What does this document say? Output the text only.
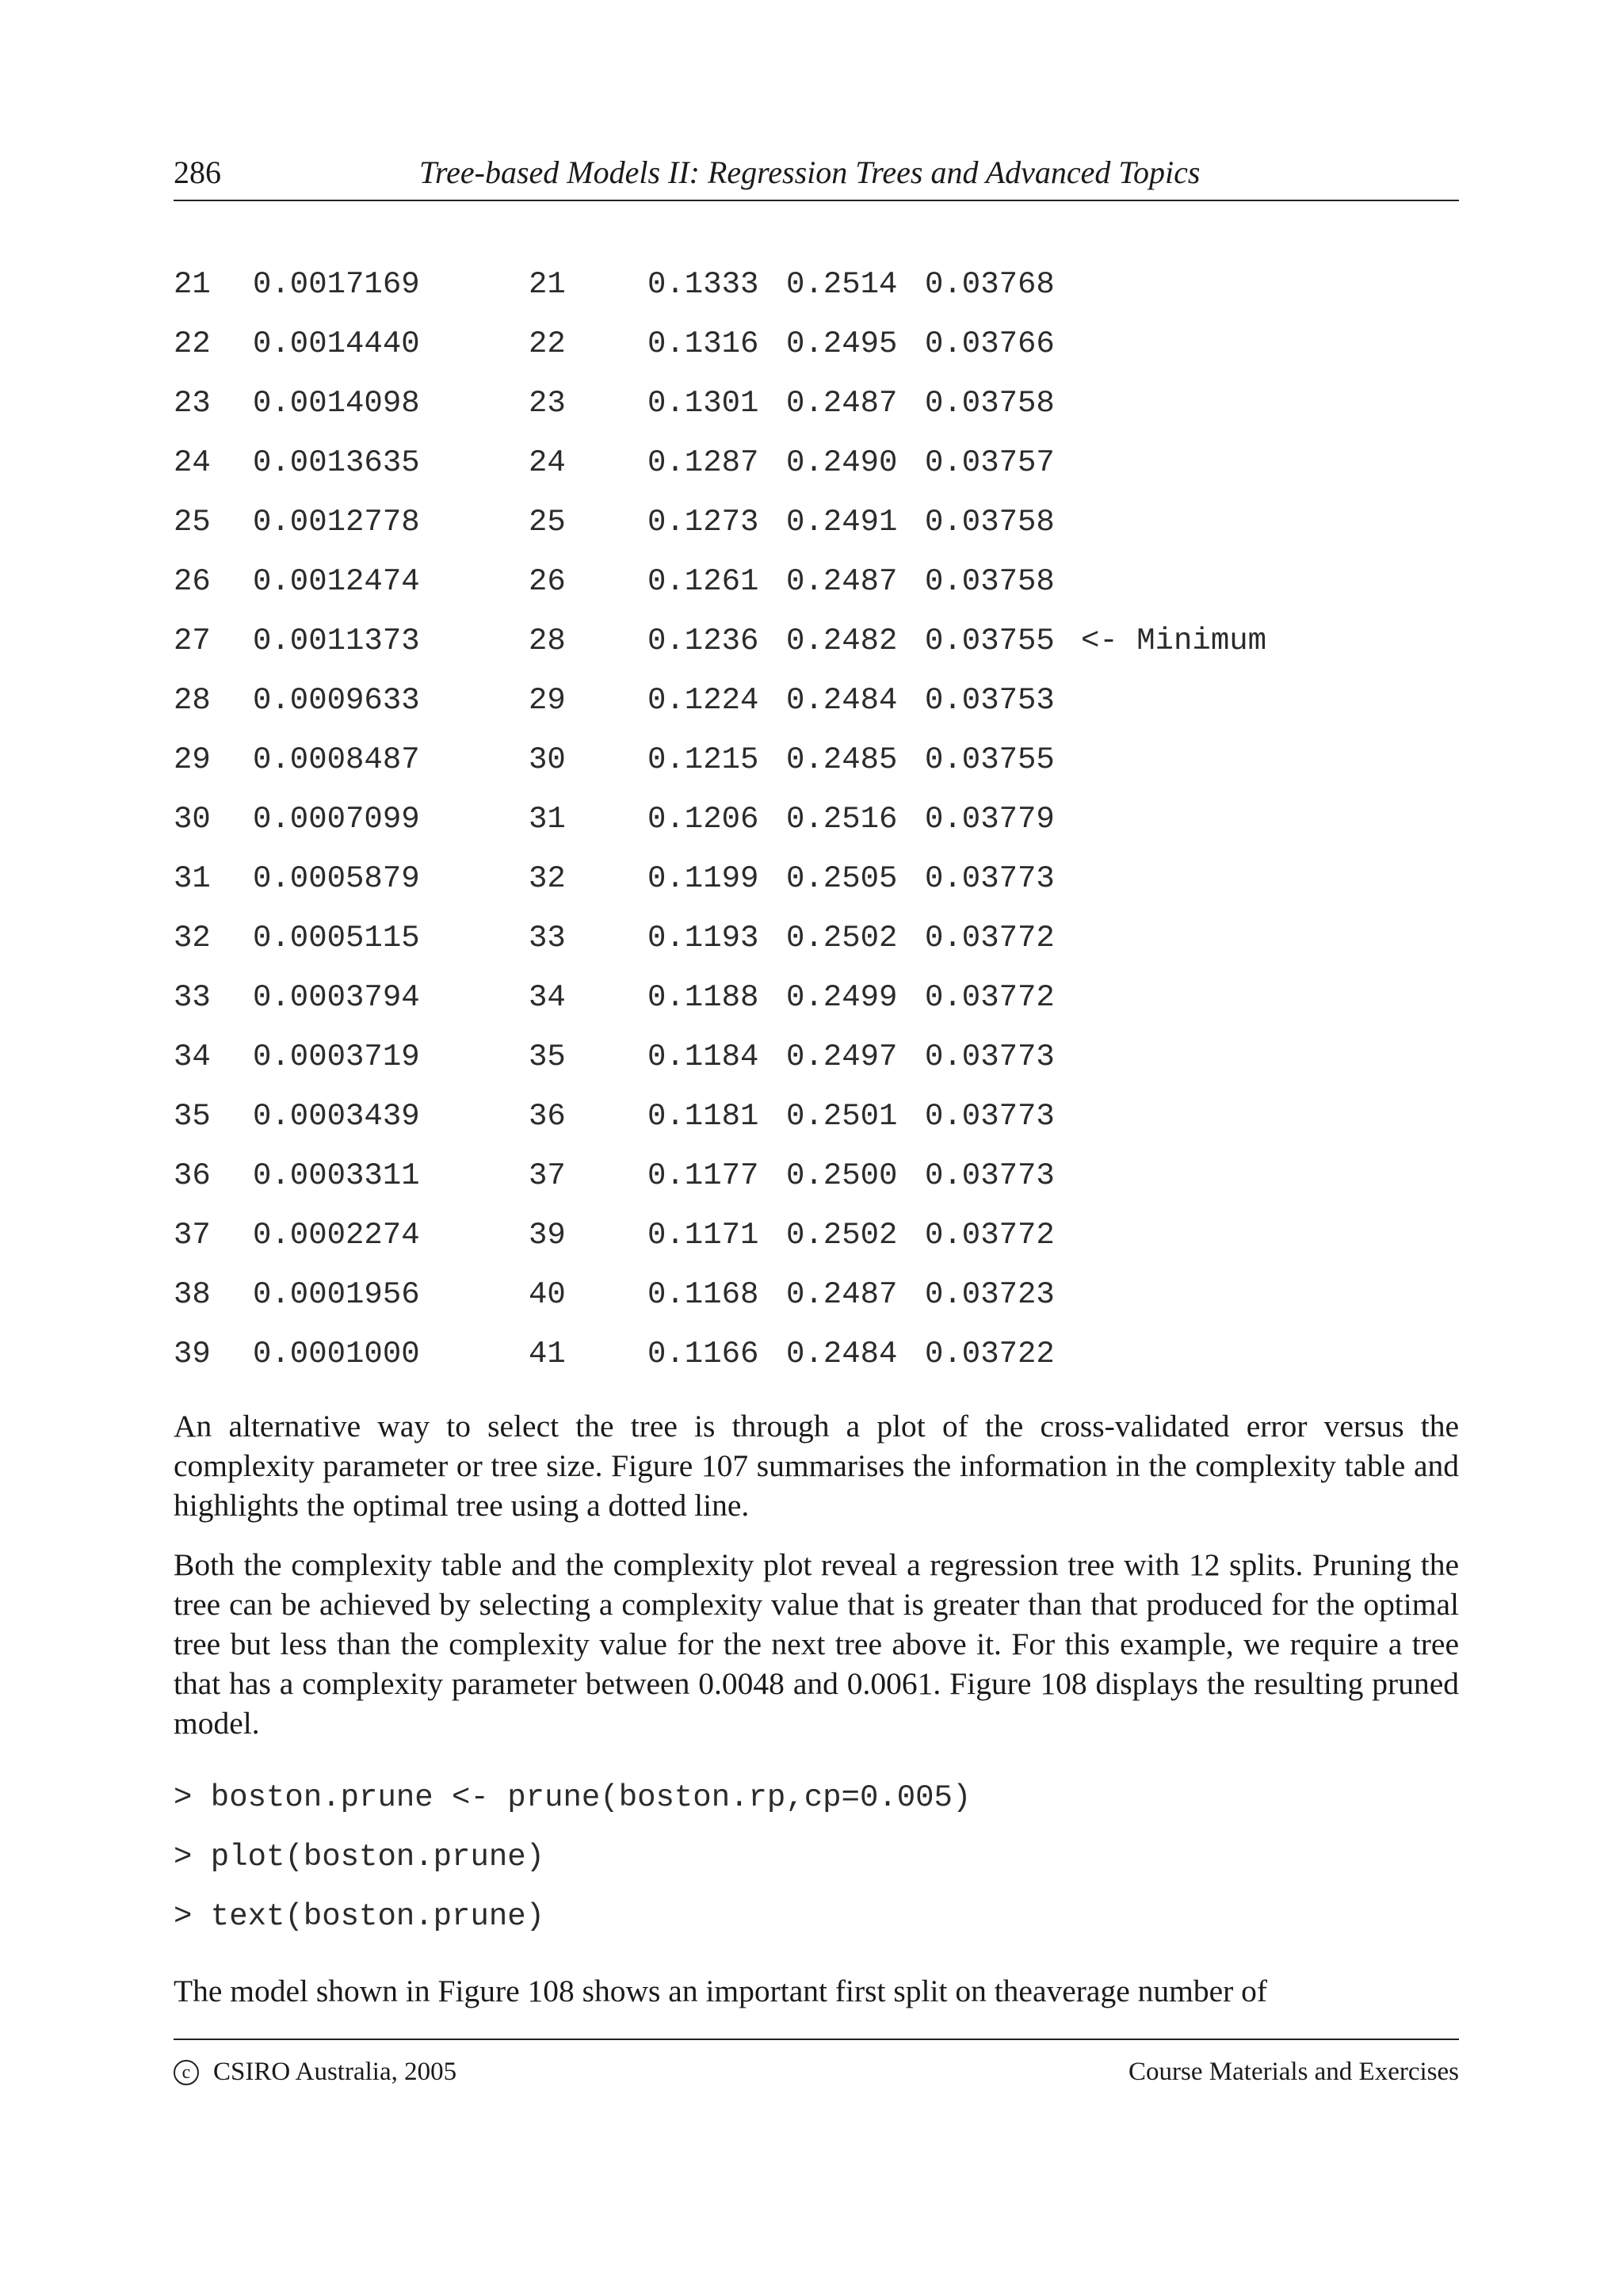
286	Tree-based Models II: Regression Trees and Advanced Topics
21 0.0017169	21	0.1333 0.2514 0.03768
22 0.0014440	22	0.1316 0.2495 0.03766
23 0.0014098	23	0.1301 0.2487 0.03758
24 0.0013635	24	0.1287 0.2490 0.03757
25 0.0012778	25	0.1273 0.2491 0.03758
26 0.0012474	26	0.1261 0.2487 0.03758
27 0.0011373	28	0.1236 0.2482 0.03755 <- Minimum
28 0.0009633	29	0.1224 0.2484 0.03753
29 0.0008487	30	0.1215 0.2485 0.03755
30 0.0007099	31	0.1206 0.2516 0.03779
31 0.0005879	32	0.1199 0.2505 0.03773
32 0.0005115	33	0.1193 0.2502 0.03772
33 0.0003794	34	0.1188 0.2499 0.03772
34 0.0003719	35	0.1184 0.2497 0.03773
35 0.0003439	36	0.1181 0.2501 0.03773
36 0.0003311	37	0.1177 0.2500 0.03773
37 0.0002274	39	0.1171 0.2502 0.03772
38 0.0001956	40	0.1168 0.2487 0.03723
39 0.0001000	41	0.1166 0.2484 0.03722
An alternative way to select the tree is through a plot of the cross-validated error versus the complexity parameter or tree size. Figure 107 summarises the information in the complexity table and highlights the optimal tree using a dotted line.
Both the complexity table and the complexity plot reveal a regression tree with 12 splits. Pruning the tree can be achieved by selecting a complexity value that is greater than that produced for the optimal tree but less than the complexity value for the next tree above it. For this example, we require a tree that has a complexity parameter between 0.0048 and 0.0061. Figure 108 displays the resulting pruned model.
> boston.prune <- prune(boston.rp,cp=0.005)
> plot(boston.prune)
> text(boston.prune)
The model shown in Figure 108 shows an important first split on theaverage number of
c CSIRO Australia, 2005	Course Materials and Exercises
